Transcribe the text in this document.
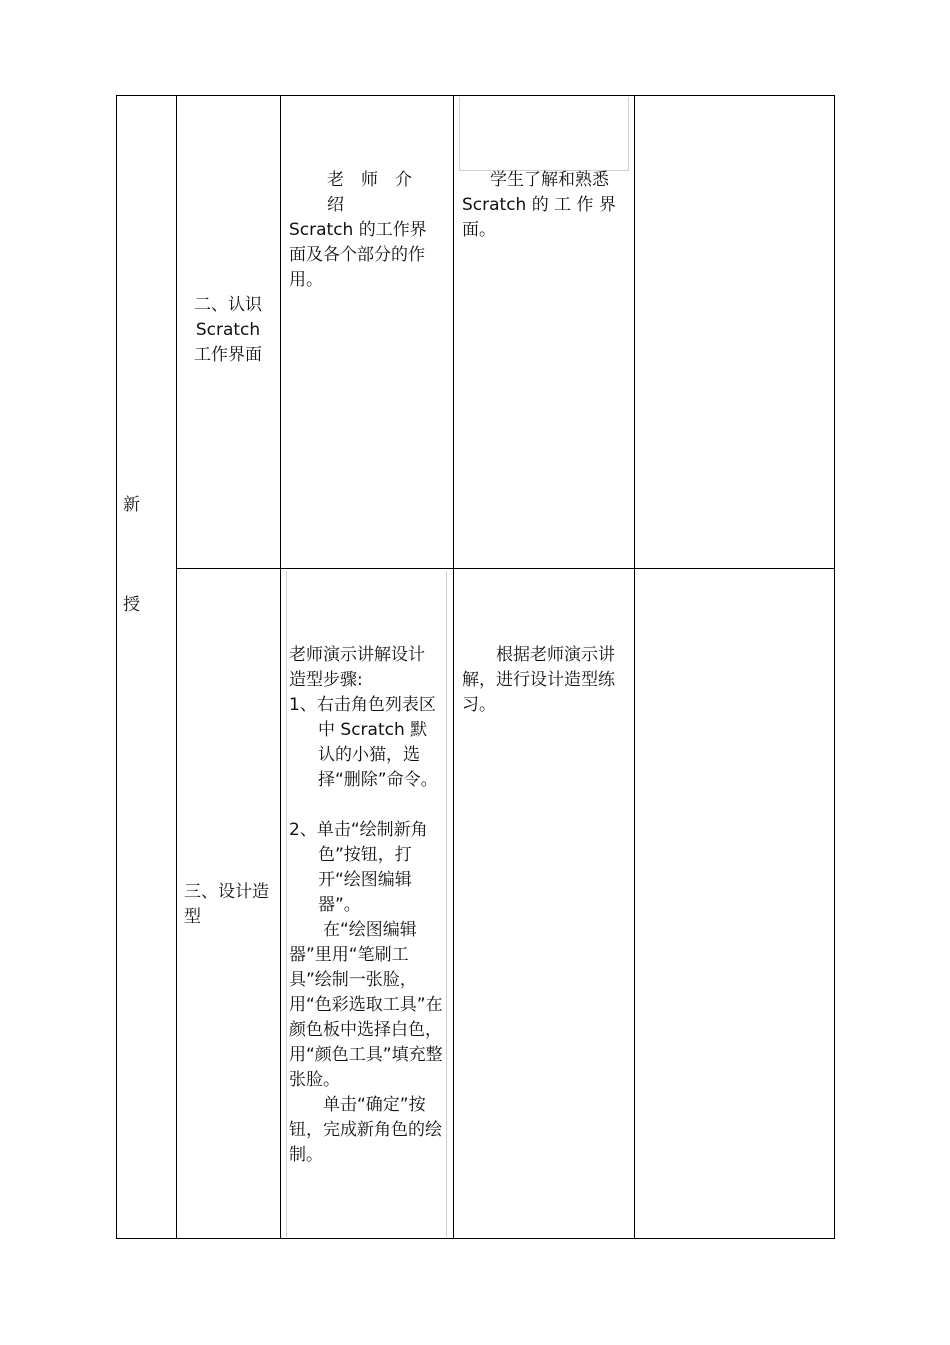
新
授
二、认识
Scratch
工作界面
老　师　介　绍
Scratch 的工作界
面及各个部分的作
用。
学生了解和熟悉
Scratch 的 工 作 界
面。
三、设计造
型
老师演示讲解设计
造型步骤:
1、右击角色列表区中 Scratch 默认的小猫，选择“删除”命令。
2、单击“绘制新角色”按钮，打开“绘图编辑器”。
在“绘图编辑器”里用“笔刷工具”绘制一张脸，用“色彩选取工具”在颜色板中选择白色，用“颜色工具”填充整张脸。
单击“确定”按钮，完成新角色的绘制。
根据老师演示讲解，进行设计造型练习。
